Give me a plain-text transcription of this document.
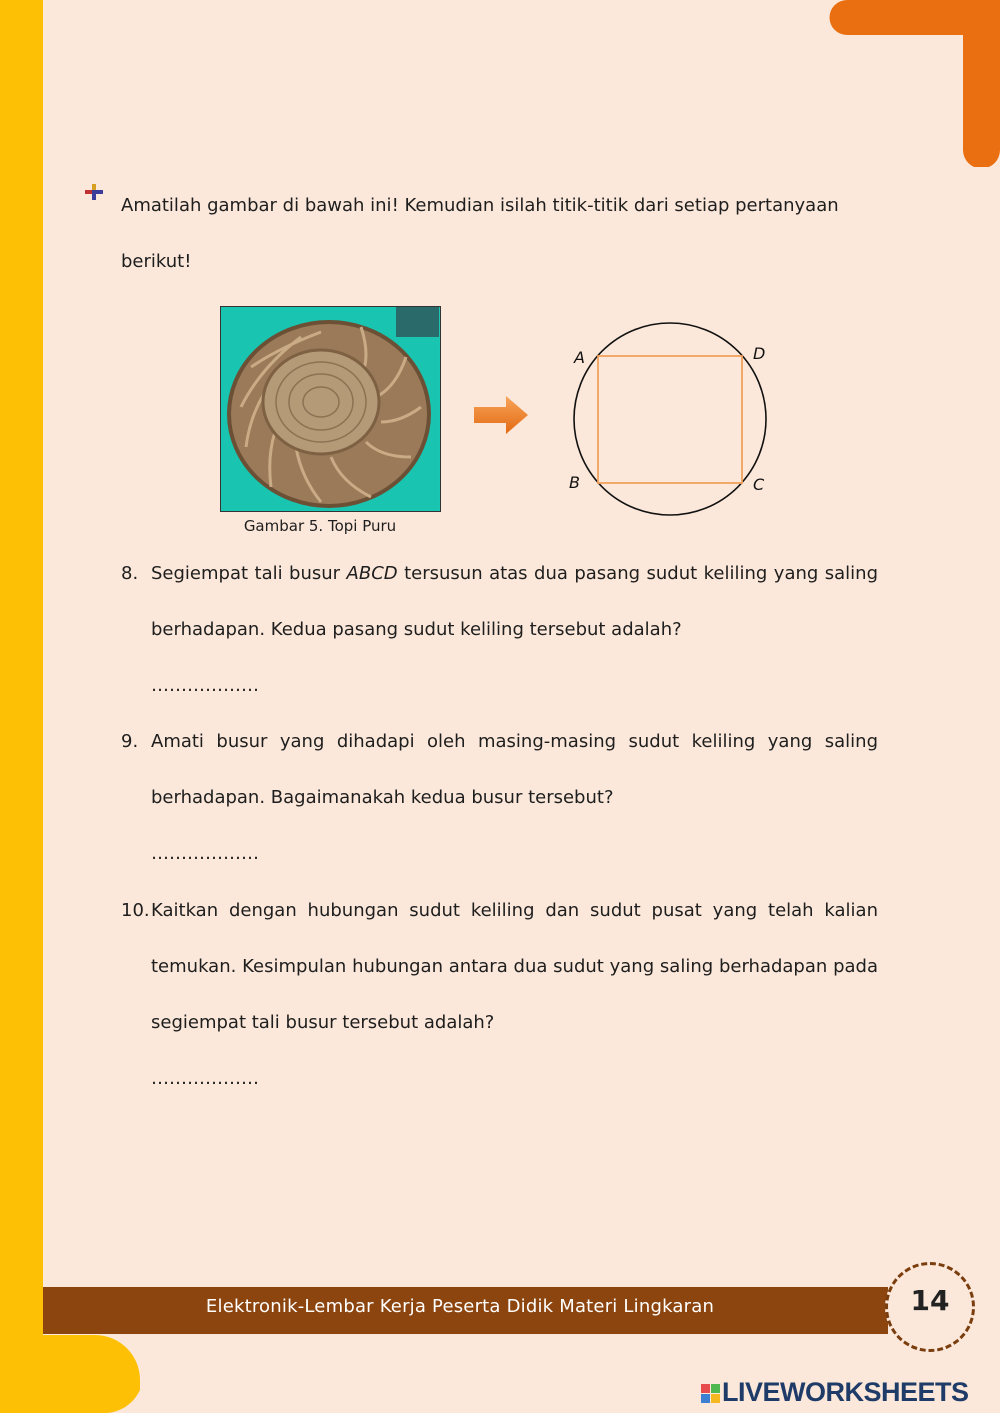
Amatilah gambar di bawah ini! Kemudian isilah titik-titik dari setiap pertanyaan berikut!
Gambar 5. Topi Puru
A	D
B	C
8. Segiempat tali busur ABCD tersusun atas dua pasang sudut keliling yang saling berhadapan. Kedua pasang sudut keliling tersebut adalah?
………………
9. Amati busur yang dihadapi oleh masing-masing sudut keliling yang saling berhadapan. Bagaimanakah kedua busur tersebut?
………………
10. Kaitkan dengan hubungan sudut keliling dan sudut pusat yang telah kalian temukan. Kesimpulan hubungan antara dua sudut yang saling berhadapan pada segiempat tali busur tersebut adalah?
………………
Elektronik-Lembar Kerja Peserta Didik Materi Lingkaran	14
LIVEWORKSHEETS
